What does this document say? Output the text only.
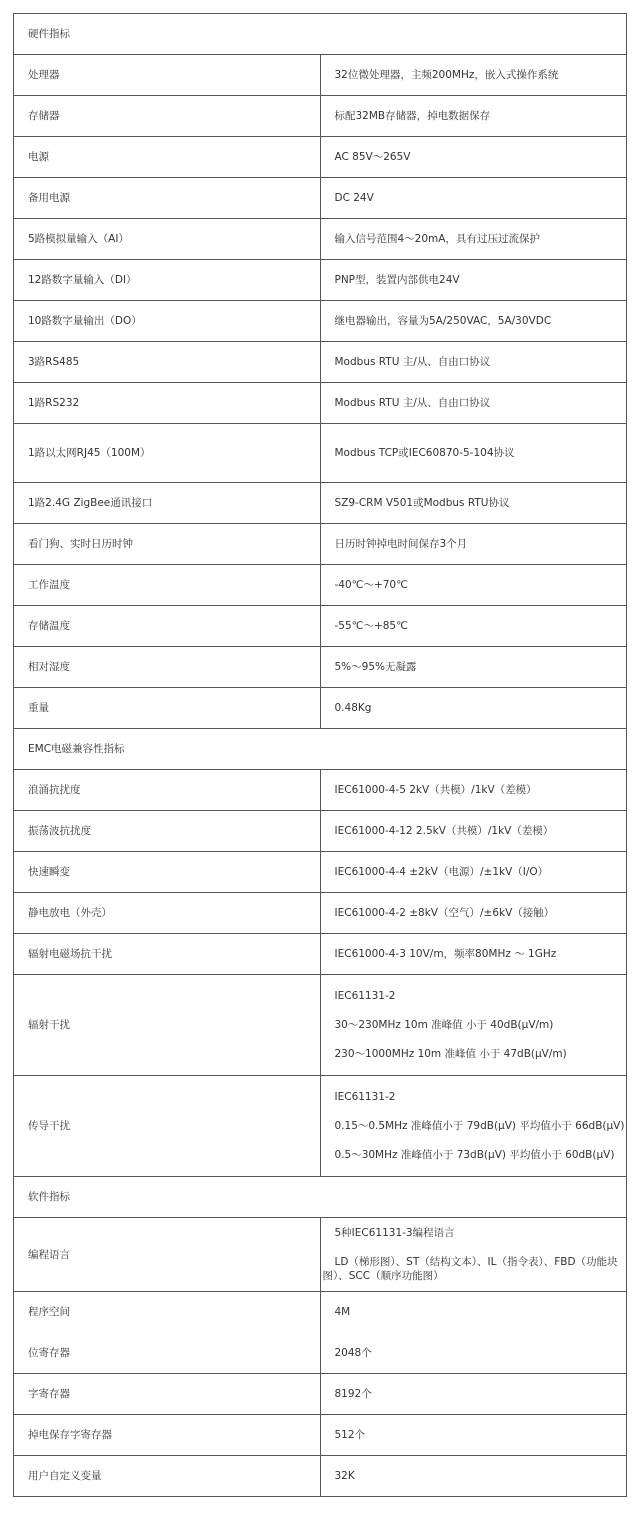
硬件指标	
处理器	32位微处理器，主频200MHz，嵌入式操作系统
存储器	标配32MB存储器，掉电数据保存
电源	AC 85V～265V
备用电源	DC 24V
5路模拟量输入（AI）	输入信号范围4～20mA，具有过压过流保护
12路数字量输入（DI）	PNP型，装置内部供电24V
10路数字量输出（DO）	继电器输出，容量为5A/250VAC，5A/30VDC
3路RS485	Modbus RTU 主/从、自由口协议
1路RS232	Modbus RTU 主/从、自由口协议
1路以太网RJ45（100M）	Modbus TCP或IEC60870-5-104协议
1路2.4G ZigBee通讯接口	SZ9-CRM V501或Modbus RTU协议
看门狗、实时日历时钟	日历时钟掉电时间保存3个月
工作温度	-40℃～+70℃
存储温度	-55℃～+85℃
相对湿度	5%～95%无凝露
重量	0.48Kg
EMC电磁兼容性指标	
浪涌抗扰度	IEC61000-4-5 2kV（共模）/1kV（差模）
振荡波抗扰度	IEC61000-4-12 2.5kV（共模）/1kV（差模）
快速瞬变	IEC61000-4-4 ±2kV（电源）/±1kV（I/O）
静电放电（外壳）	IEC61000-4-2 ±8kV（空气）/±6kV（接触）
辐射电磁场抗干扰	IEC61000-4-3 10V/m，频率80MHz ～ 1GHz
辐射干扰	IEC61131-2

30～230MHz 10m 准峰值 小于 40dB(μV/m)

230～1000MHz 10m 准峰值 小于 47dB(μV/m)

传导干扰	IEC61131-2

0.15～0.5MHz 准峰值小于 79dB(μV) 平均值小于 66dB(μV)

0.5～30MHz 准峰值小于 73dB(μV) 平均值小于 60dB(μV)

软件指标	
编程语言	5种IEC61131-3编程语言

LD（梯形图）、ST（结构文本）、IL（指令表）、FBD（功能块图）、SCC（顺序功能图）

程序空间	4M
位寄存器	2048个
字寄存器	8192个
掉电保存字寄存器	512个
用户自定义变量	32K
